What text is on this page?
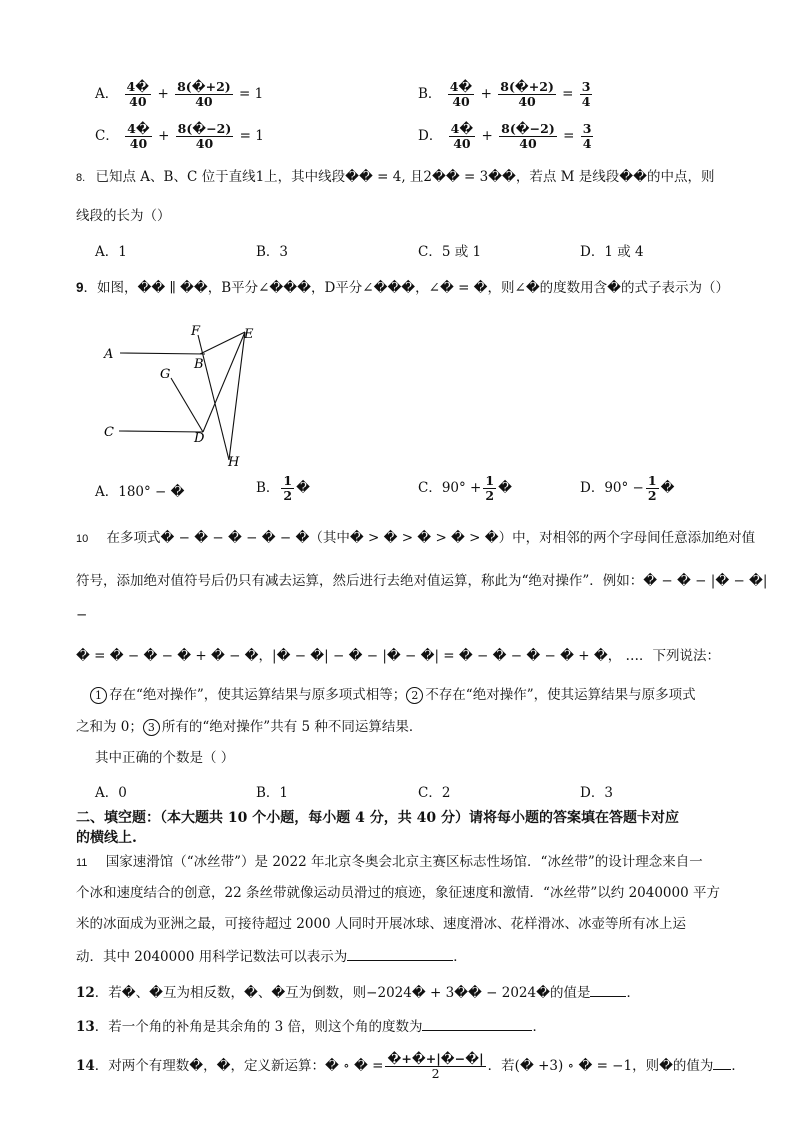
A． $\frac{4�}{40} + \frac{8(�+2)}{40} = 1$	B． $\frac{4�}{40} + \frac{8(�+2)}{40} = \frac{3}{4}$
C． $\frac{4�}{40} + \frac{8(�-2)}{40} = 1$	D． $\frac{4�}{40} + \frac{8(�-2)}{40} = \frac{3}{4}$
8. 已知点 A、B、C 位于直线1上，其中线段�� = 4, 且2�� = 3��，若点 M 是线段��的中点，则
线段的长为（）
A．1	B．3	C．5 或 1	D．1 或 4
9．如图，�� ∥ ��，B平分∠���，D平分∠���，∠� = �，则∠�的度数用含�的式子表示为（）
A
B
C	D
E
F
G
H
A．180° − �	B． $\frac{1}{2}$ �	C．$90^\circ + \frac{1}{2}$ �	D．$90^\circ - \frac{1}{2}$ �
10 在多项式� − � − � − � − �（其中� > � > � > � > �）中，对相邻的两个字母间任意添加绝对值
符号，添加绝对值符号后仍只有减去运算，然后进行去绝对值运算，称此为“绝对操作”．例如：� − � − |� − �|
−
� = � − � − � + � − �，|� − �| − � − |� − �| = � − � − � − � + �， …．下列说法：
1 存在“绝对操作”，使其运算结果与原多项式相等； 2 不存在“绝对操作”，使其运算结果与原多项式
之和为 0； 3 所有的“绝对操作”共有 5 种不同运算结果．
其中正确的个数是（ ）
A．0	B．1	C．2	D．3
二、填空题：（本大题共 10 个小题，每小题 4 分，共 40 分）请将每小题的答案填在答题卡对应
的横线上.
11 国家速滑馆（“冰丝带”）是 2022 年北京冬奥会北京主赛区标志性场馆．“冰丝带”的设计理念来自一
个冰和速度结合的创意，22 条丝带就像运动员滑过的痕迹，象征速度和激情．“冰丝带”以约 2040000 平方
米的冰面成为亚洲之最，可接待超过 2000 人同时开展冰球、速度滑冰、花样滑冰、冰壶等所有冰上运
动．其中 2040000 用科学记数法可以表示为	．
12．若�、�互为相反数，�、�互为倒数，则−2024� + 3�� − 2024�的值是	．
13．若一个角的补角是其余角的 3 倍，则这个角的度数为	．
14．对两个有理数�，�，定义新运算：� ∘ � = $\frac{�+�+|�-�|}{2}$ ．若(� +3) ∘ � = −1，则�的值为 ．
